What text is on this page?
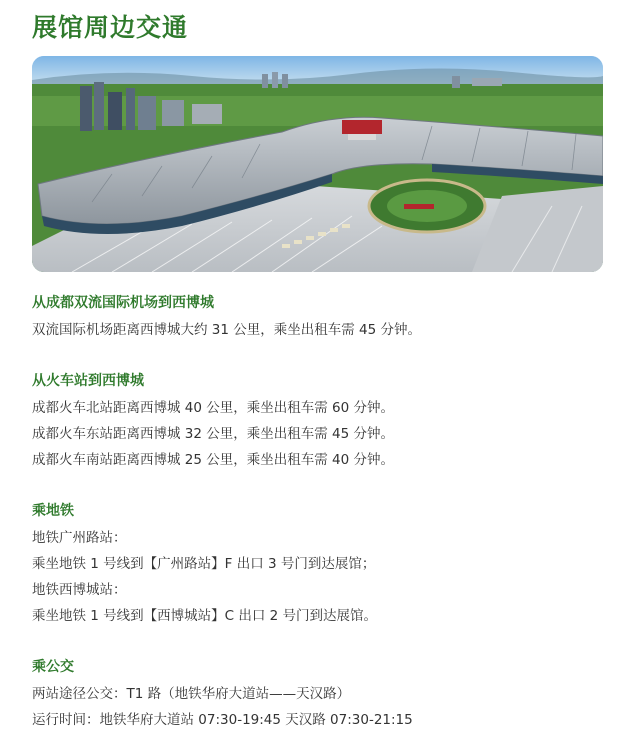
展馆周边交通
从成都双流国际机场到西博城

双流国际机场距离西博城大约 31 公里，乘坐出租车需 45 分钟。

从火车站到西博城

成都火车北站距离西博城 40 公里，乘坐出租车需 60 分钟。

成都火车东站距离西博城 32 公里，乘坐出租车需 45 分钟。

成都火车南站距离西博城 25 公里，乘坐出租车需 40 分钟。

乘地铁

地铁广州路站：

乘坐地铁 1 号线到【广州路站】F 出口 3 号门到达展馆；

地铁西博城站：

乘坐地铁 1 号线到【西博城站】C 出口 2 号门到达展馆。

乘公交

两站途径公交：T1 路（地铁华府大道站——天汉路）

运行时间：地铁华府大道站 07:30-19:45 天汉路 07:30-21:15
